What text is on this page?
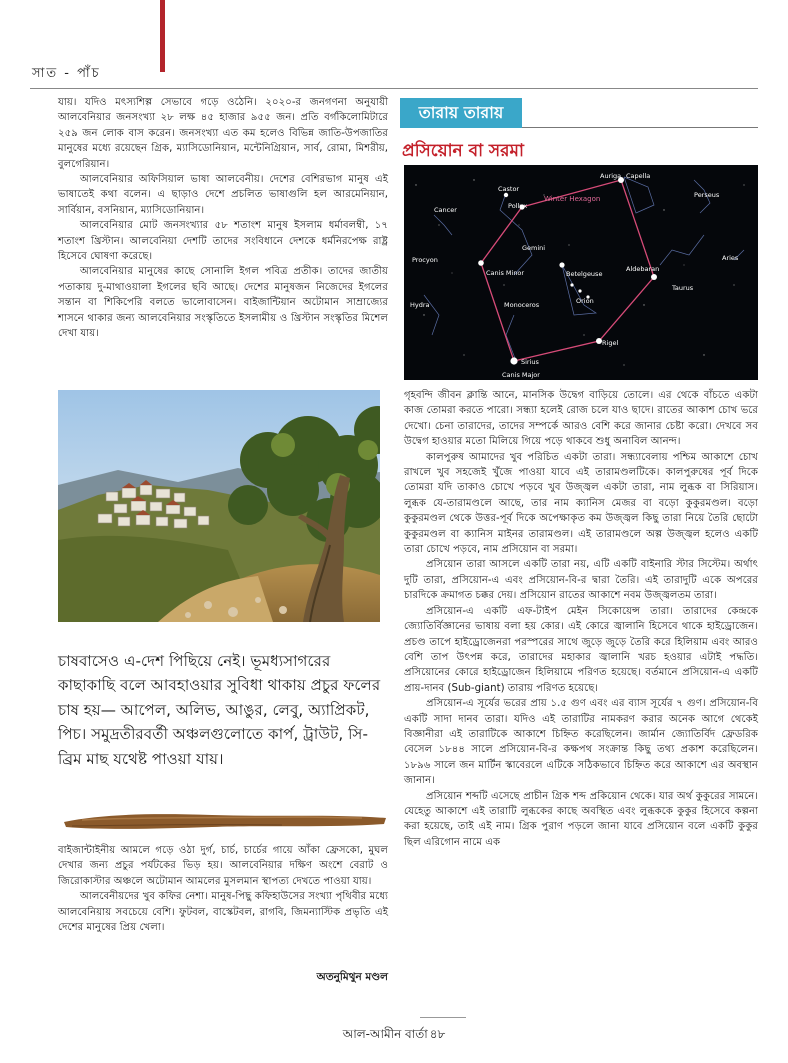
সাত - পাঁচ

যায়। যদিও মৎস্যশিল্প সেভাবে গড়ে ওঠেনি। ২০২০-র জনগণনা অনুযায়ী আলবেনিয়ার জনসংখ্যা ২৮ লক্ষ ৪৫ হাজার ৯৫৫ জন। প্রতি বর্গকিলোমিটারে ২৫৯ জন লোক বাস করেন। জনসংখ্যা এত কম হলেও বিভিন্ন জাতি-উপজাতির মানুষের মধ্যে রয়েছেন গ্রিক, ম্যাসিডোনিয়ান, মন্টেনিগ্রিয়ান, সার্ব, রোমা, মিশরীয়, বুলগেরিয়ান।

আলবেনিয়ার অফিসিয়াল ভাষা আলবেনীয়। দেশের বেশিরভাগ মানুষ এই ভাষাতেই কথা বলেন। এ ছাড়াও দেশে প্রচলিত ভাষাগুলি হল আরমেনিয়ান, সার্বিয়ান, বসনিয়ান, ম্যাসিডোনিয়ান।

আলবেনিয়ার মোট জনসংখ্যার ৫৮ শতাংশ মানুষ ইসলাম ধর্মাবলম্বী, ১৭ শতাংশ খ্রিস্টান। আলবেনিয়া দেশটি তাদের সংবিধানে দেশকে ধর্মনিরপেক্ষ রাষ্ট্র হিসেবে ঘোষণা করেছে।

আলবেনিয়ার মানুষের কাছে সোনালি ইগল পবিত্র প্রতীক। তাদের জাতীয় পতাকায় দু-মাথাওয়ালা ইগলের ছবি আছে। দেশের মানুষজন নিজেদের ইগলের সন্তান বা শিকিপেরি বলতে ভালোবাসেন। বাইজান্টিয়ান অটোমান সাম্রাজ্যের শাসনে থাকার জন্য আলবেনিয়ার সংস্কৃতিতে ইসলামীয় ও খ্রিস্টান সংস্কৃতির মিশেল দেখা যায়।

চাষবাসেও এ-দেশ পিছিয়ে নেই। ভূমধ্যসাগরের কাছাকাছি বলে আবহাওয়ার সুবিধা থাকায় প্রচুর ফলের চাষ হয়— আপেল, অলিভ, আঙুর, লেবু, অ্যাপ্রিকট, পিচ। সমুদ্রতীরবর্তী অঞ্চলগুলোতে কার্প, ট্রাউট, সি-ব্রিম মাছ যথেষ্ট পাওয়া যায়।

বাইজান্টাইনীয় আমলে গড়ে ওঠা দুর্গ, চার্চ, চার্চের গায়ে আঁকা ফ্রেসকো, মুঘল দেখার জন্য প্রচুর পর্যটকের ভিড় হয়। আলবেনিয়ার দক্ষিণ অংশে বেরাট ও জিরোকাস্টার অঞ্চলে অটোমান আমলের মুসলমান স্থাপত্য দেখতে পাওয়া যায়।

আলবেনীয়দের খুব কফির নেশা। মানুষ-পিছু কফিহাউসের সংখ্যা পৃথিবীর মধ্যে আলবেনিয়ায় সবচেয়ে বেশি। ফুটবল, বাস্কেটবল, রাগবি, জিমন্যাস্টিক প্রভৃতি এই দেশের মানুষের প্রিয় খেলা।

অতনুমিথুন মণ্ডল
তারায় তারায়
প্রসিয়োন বা সরমা
Auriga Capella
Perseus
Castor
Pollux
Cancer
Gemini
Aries
Procyon
Canis Minor	Aldebaran
Taurus
Betelgeuse
Orion
Hydra	Monoceros
Rigel
Sirius
Canis Major
Winter Hexagon

গৃহবন্দি জীবন ক্লান্তি আনে, মানসিক উদ্বেগ বাড়িয়ে তোলে। এর থেকে বাঁচতে একটা কাজ তোমরা করতে পারো। সন্ধ্যা হলেই রোজ চলে যাও ছাদে। রাতের আকাশ চোখ ভরে দেখো। চেনা তারাদের, তাদের সম্পর্কে আরও বেশি করে জানার চেষ্টা করো। দেখবে সব উদ্বেগ হাওয়ার মতো মিলিয়ে গিয়ে পড়ে থাকবে শুধু অনাবিল আনন্দ।

কালপুরুষ আমাদের খুব পরিচিত একটা তারা। সন্ধ্যাবেলায় পশ্চিম আকাশে চোখ রাখলে খুব সহজেই খুঁজে পাওয়া যাবে এই তারামণ্ডলটিকে। কালপুরুষের পূর্ব দিকে তোমরা যদি তাকাও চোখে পড়বে খুব উজ্জ্বল একটা তারা, নাম লুব্ধক বা সিরিয়াস। লুব্ধক যে-তারামণ্ডলে আছে, তার নাম ক্যানিস মেজর বা বড়ো কুকুরমণ্ডল। বড়ো কুকুরমণ্ডল থেকে উত্তর-পূর্ব দিকে অপেক্ষাকৃত কম উজ্জ্বল কিছু তারা নিয়ে তৈরি ছোটো কুকুরমণ্ডল বা ক্যানিস মাইনর তারামণ্ডল। এই তারামণ্ডলে অল্প উজ্জ্বল হলেও একটি তারা চোখে পড়বে, নাম প্রসিয়োন বা সরমা।

প্রসিয়োন তারা আসলে একটি তারা নয়, এটি একটি বাইনারি স্টার সিস্টেম। অর্থাৎ দুটি তারা, প্রসিয়োন-এ এবং প্রসিয়োন-বি-র দ্বারা তৈরি। এই তারাদুটি একে অপরের চারদিকে ক্রমাগত চক্কর দেয়। প্রসিয়োন রাতের আকাশে নবম উজ্জ্বলতম তারা।

প্রসিয়োন-এ একটি এফ-টাইপ মেইন সিকোয়েন্স তারা। তারাদের কেন্দ্রকে জ্যোতির্বিজ্ঞানের ভাষায় বলা হয় কোর। এই কোরে জ্বালানি হিসেবে থাকে হাইড্রোজেন। প্রচণ্ড তাপে হাইড্রোজেনরা পরস্পরের সাথে জুড়ে জুড়ে তৈরি করে হিলিয়াম এবং আরও বেশি তাপ উৎপন্ন করে, তারাদের মহাকার জ্বালানি খরচ হওয়ার এটাই পদ্ধতি। প্রসিয়োনের কোরে হাইড্রোজেন হিলিয়ামে পরিণত হয়েছে। বর্তমানে প্রসিয়োন-এ একটি প্রায়-দানব (Sub-giant) তারায় পরিণত হয়েছে।

প্রসিয়োন-এ সূর্যের ভরের প্রায় ১.৫ গুণ এবং এর ব্যাস সূর্যের ৭ গুণ। প্রসিয়োন-বি একটি সাদা দানব তারা। যদিও এই তারাটির নামকরণ করার অনেক আগে থেকেই বিজ্ঞানীরা এই তারাটিকে আকাশে চিহ্নিত করেছিলেন। জার্মান জ্যোতির্বিদ ফ্রেডরিক বেসেল ১৮৪৪ সালে প্রসিয়োন-বি-র কক্ষপথ সংক্রান্ত কিছু তথ্য প্রকাশ করেছিলেন। ১৮৯৬ সালে জন মার্টিন স্কাবেরলে এটিকে সঠিকভাবে চিহ্নিত করে আকাশে এর অবস্থান জানান।

প্রসিয়োন শব্দটি এসেছে প্রাচীন গ্রিক শব্দ প্রকিয়োন থেকে। যার অর্থ কুকুরের সামনে। যেহেতু আকাশে এই তারাটি লুব্ধকের কাছে অবস্থিত এবং লুব্ধককে কুকুর হিসেবে কল্পনা করা হয়েছে, তাই এই নাম। গ্রিক পুরাণ পড়লে জানা যাবে প্রসিয়োন বলে একটি কুকুর ছিল এরিগোন নামে এক

আল-আমীন বার্তা ৪৮
